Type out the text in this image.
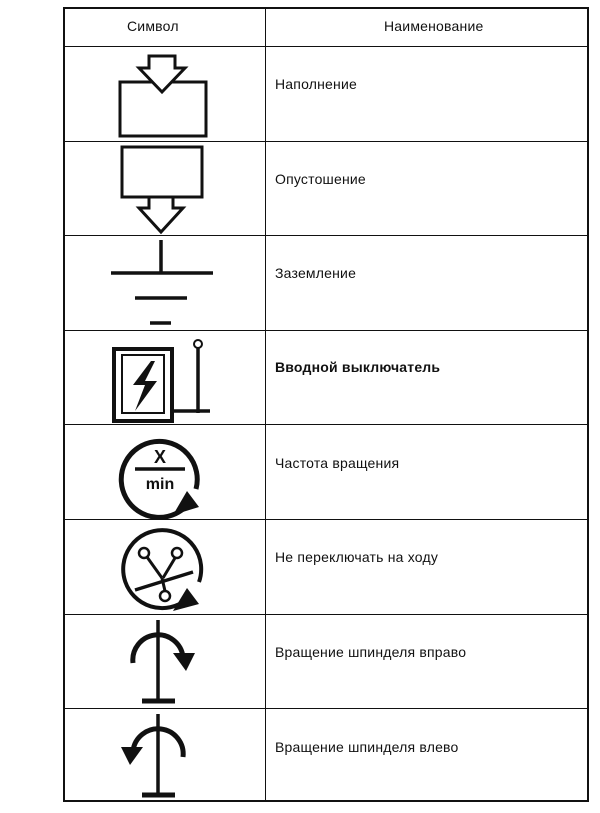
Символ	Наименование
Наполнение
Опустошение
Заземление
Вводной выключатель
X
min
Частота вращения
Не переключать на ходу
Вращение шпинделя вправо
Вращение шпинделя влево
